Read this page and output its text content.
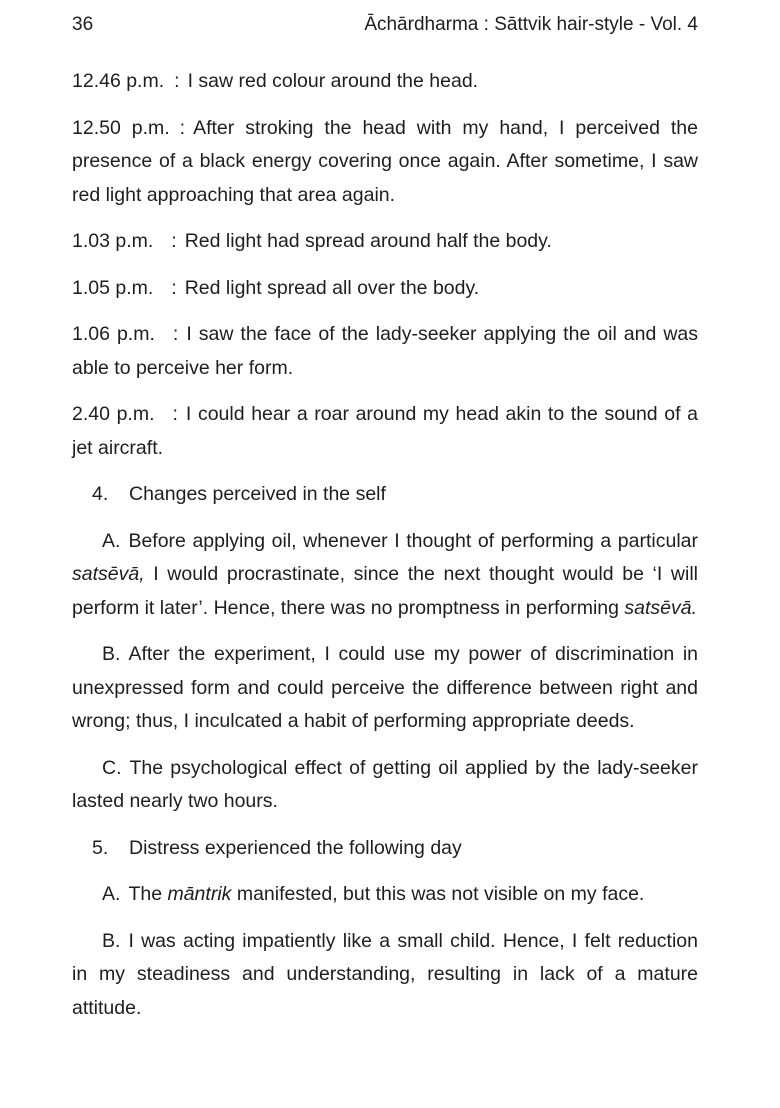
36	Āchārdharma : Sāttvik hair-style - Vol. 4

12.46 p.m. : I saw red colour around the head.

12.50 p.m. : After stroking the head with my hand, I perceived the presence of a black energy covering once again. After sometime, I saw red light approaching that area again.

1.03 p.m. : Red light had spread around half the body.

1.05 p.m. : Red light spread all over the body.

1.06 p.m. : I saw the face of the lady-seeker applying the oil and was able to perceive her form.

2.40 p.m. : I could hear a roar around my head akin to the sound of a jet aircraft.

4. Changes perceived in the self

A. Before applying oil, whenever I thought of performing a particular satsēvā, I would procrastinate, since the next thought would be ‘I will perform it later’. Hence, there was no promptness in performing satsēvā.

B. After the experiment, I could use my power of discrimination in unexpressed form and could perceive the difference between right and wrong; thus, I inculcated a habit of performing appropriate deeds.

C. The psychological effect of getting oil applied by the lady-seeker lasted nearly two hours.

5. Distress experienced the following day

A. The māntrik manifested, but this was not visible on my face.

B. I was acting impatiently like a small child. Hence, I felt reduction in my steadiness and understanding, resulting in lack of a mature attitude.
